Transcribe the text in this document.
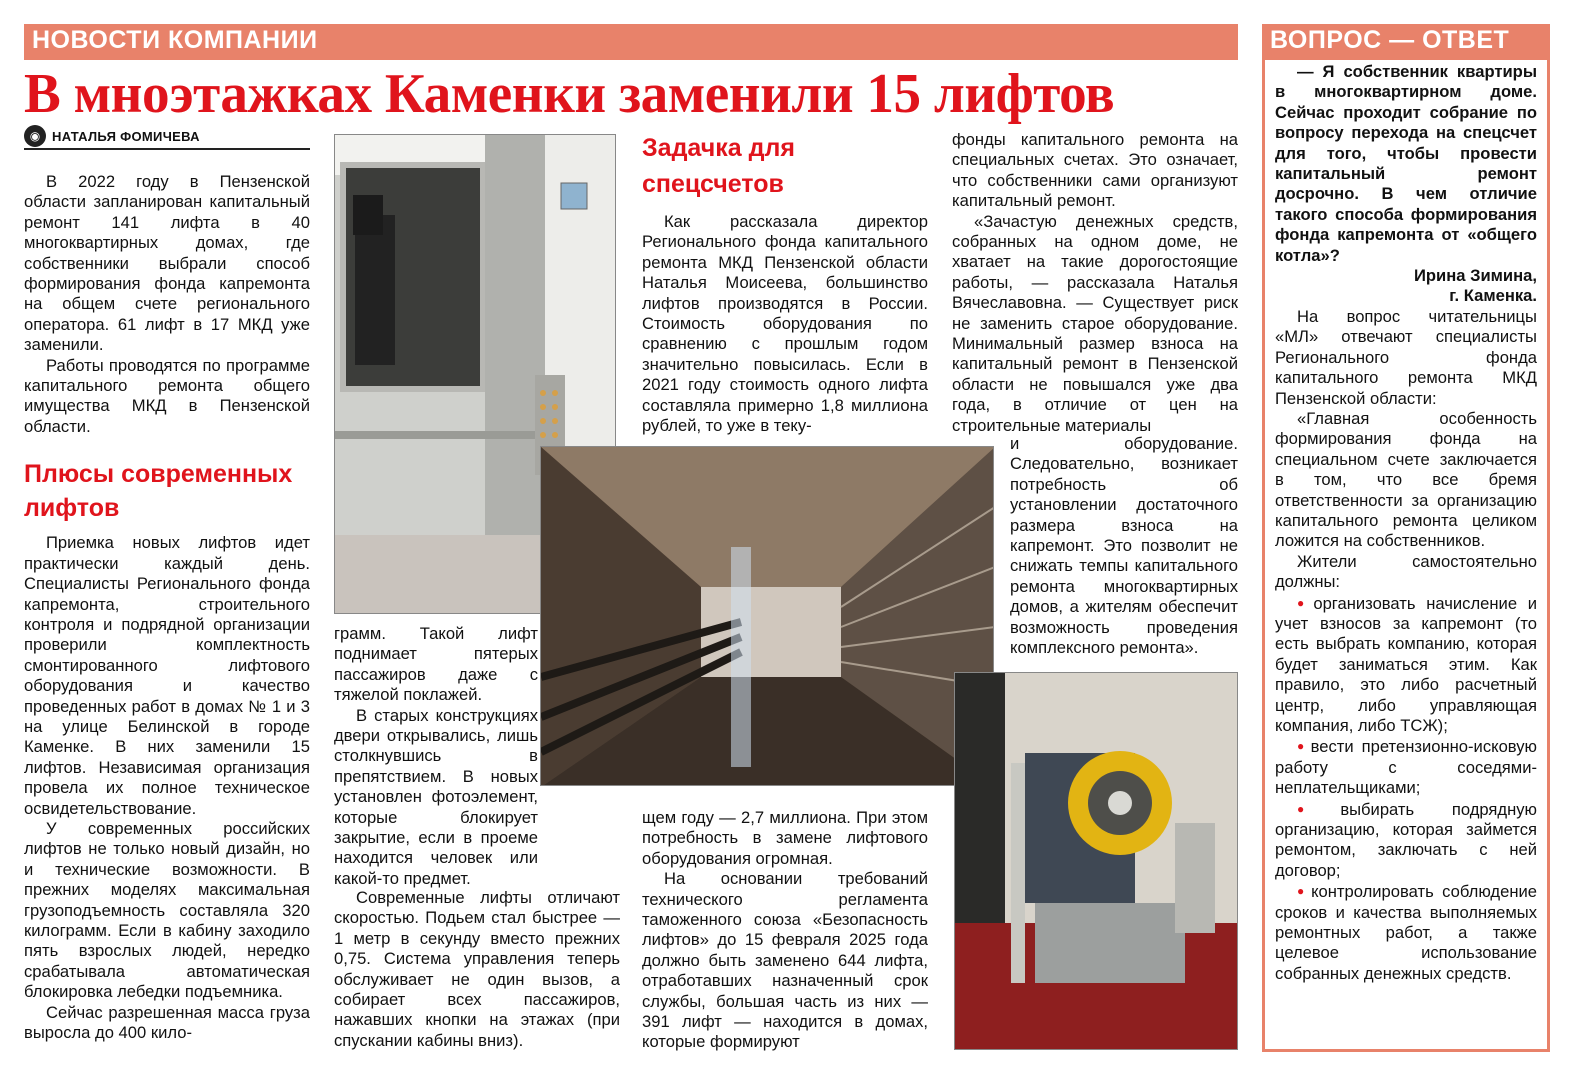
НОВОСТИ КОМПАНИИ	ВОПРОС — ОТВЕТ
В мноэтажках Каменки заменили 15 лифтов
◉ НАТАЛЬЯ ФОМИЧЕВА

В 2022 году в Пензенской области запланирован капитальный ремонт 141 лифта в 40 многоквартирных домах, где собственники выбрали способ формирования фонда капремонта на общем счете регионального оператора. 61 лифт в 17 МКД уже заменили.

Работы проводятся по программе капитального ремонта общего имущества МКД в Пензенской области.

Плюсы современных лифтов

Приемка новых лифтов идет практически каждый день. Специалисты Регионального фонда капремонта, строительного контроля и подрядной организации проверили комплектность смонтированного лифтового оборудования и качество проведенных работ в домах № 1 и 3 на улице Белинской в городе Каменке. В них заменили 15 лифтов. Независимая организация провела их полное техническое освидетельствование.

У современных российских лифтов не только новый дизайн, но и технические возможности. В прежних моделях максимальная грузоподъемность составляла 320 килограмм. Если в кабину заходило пять взрослых людей, нередко срабатывала автоматическая блокировка лебедки подъемника.

Сейчас разрешенная масса груза выросла до 400 кило-

грамм. Такой лифт поднимает пятерых пассажиров даже с тяжелой поклажей.

В старых конструкциях двери открывались, лишь столкнувшись в препятствием. В новых установлен фотоэлемент, которые блокирует закрытие, если в проеме находится человек или какой-то предмет.

Современные лифты отличают скоростью. Подьем стал быстрее — 1 метр в секунду вместо прежних 0,75. Система управления теперь обслуживает не один вызов, а собирает всех пассажиров, нажавших кнопки на этажах (при спускании кабины вниз).

Задачка для спецсчетов

Как рассказала директор Регионального фонда капитального ремонта МКД Пензенской области Наталья Моисеева, большинство лифтов производятся в России. Стоимость оборудования по сравнению с прошлым годом значительно повысилась. Если в 2021 году стоимость одного лифта составляла примерно 1,8 миллиона рублей, то уже в теку-

щем году — 2,7 миллиона. При этом потребность в замене лифтового оборудования огромная.

На основании требований технического регламента таможенного союза «Безопасность лифтов» до 15 февраля 2025 года должно быть заменено 644 лифта, отработавших назначенный срок службы, большая часть из них — 391 лифт — находится в домах, которые формируют

фонды капитального ремонта на специальных счетах. Это означает, что собственники сами организуют капитальный ремонт.

«Зачастую денежных средств, собранных на одном доме, не хватает на такие дорогостоящие работы, — рассказала Наталья Вячеславовна. — Существует риск не заменить старое оборудование. Минимальный размер взноса на капитальный ремонт в Пензенской области не повышался уже два года, в отличие от цен на строительные материалы

и оборудование. Следовательно, возникает потребность об установлении достаточного размера взноса на капремонт. Это позволит не снижать темпы капитального ремонта многоквартирных домов, а жителям обеспечит возможность проведения комплексного ремонта».

— Я собственник квартиры в многоквартирном доме. Сейчас проходит собрание по вопросу перехода на спецсчет для того, чтобы провести капитальный ремонт досрочно. В чем отличие такого способа формирования фонда капремонта от «общего котла»?

Ирина Зимина,

г. Каменка.

На вопрос читательницы «МЛ» отвечают специалисты Регионального фонда капитального ремонта МКД Пензенской области:

«Главная особенность формирования фонда на специальном счете заключается в том, что все бремя ответственности за организацию капитального ремонта целиком ложится на собственников.

Жители самостоятельно должны:

● организовать начисление и учет взносов за капремонт (то есть выбрать компанию, которая будет заниматься этим. Как правило, это либо расчетный центр, либо управляющая компания, либо ТСЖ);

● вести претензионно-исковую работу с соседями-неплательщиками;

● выбирать подрядную организацию, которая займется ремонтом, заключать с ней договор;

● контролировать соблюдение сроков и качества выполняемых ремонтных работ, а также целевое использование собранных денежных средств.
